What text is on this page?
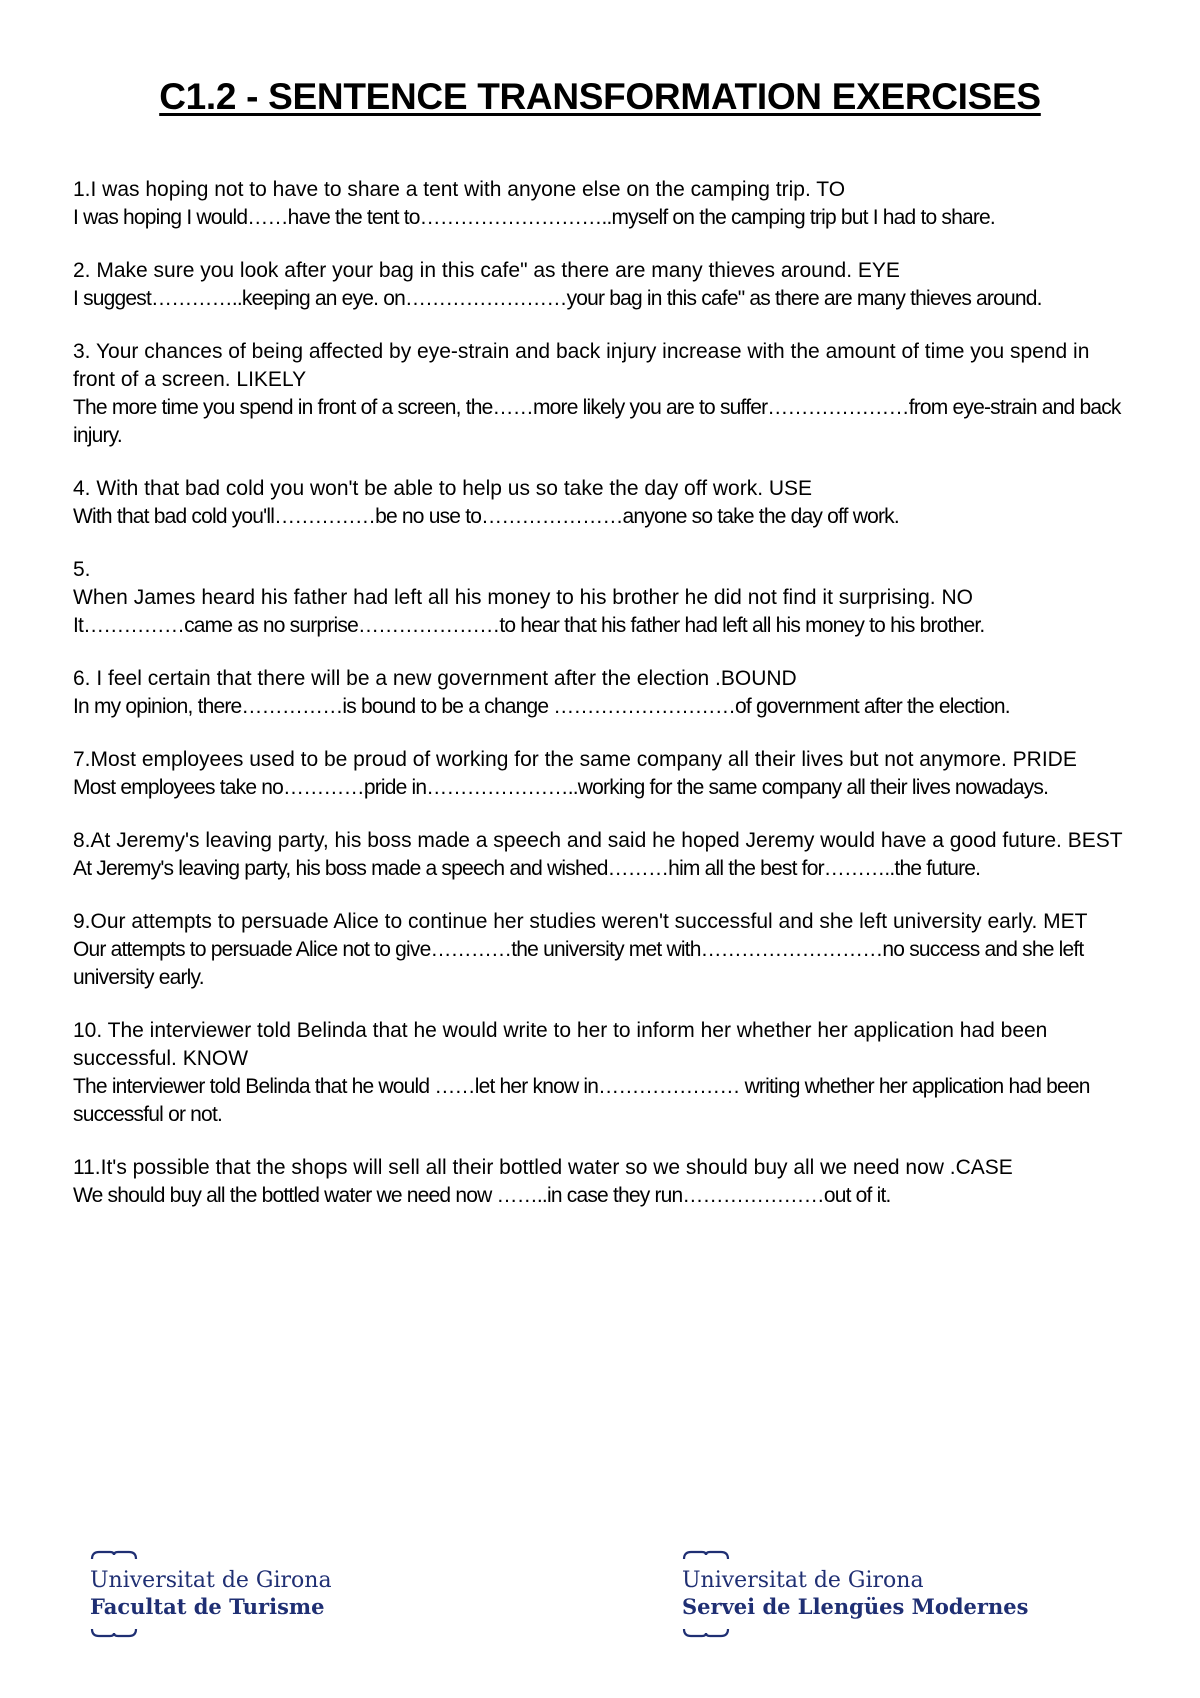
C1.2 - SENTENCE TRANSFORMATION EXERCISES
1.I was hoping not to have to share a tent with anyone else on the camping trip. TO
I was hoping I would……have the tent to………………………..myself on the camping trip but I had to share.
2. Make sure you look after your bag in this cafe" as there are many thieves around. EYE
I suggest…………..keeping an eye. on……………………your bag in this cafe" as there are many thieves around.
3. Your chances of being affected by eye-strain and back injury increase with the amount of time you spend in front of a screen. LIKELY
The more time you spend in front of a screen, the……more likely you are to suffer…………………from eye-strain and back injury.
4. With that bad cold you won't be able to help us so take the day off work. USE
With that bad cold you'll……………be no use to…………………anyone so take the day off work.
5.
When James heard his father had left all his money to his brother he did not find it surprising. NO
It……………came as no surprise…………………to hear that his father had left all his money to his brother.
6. I feel certain that there will be a new government after the election .BOUND
In my opinion, there……………is bound to be a change ………………………of government after the election.
7.Most employees used to be proud of working for the same company all their lives but not anymore. PRIDE
Most employees take no…………pride in…………………..working for the same company all their lives nowadays.
8.At Jeremy's leaving party, his boss made a speech and said he hoped Jeremy would have a good future. BEST
At Jeremy's leaving party, his boss made a speech and wished………him all the best for………..the future.
9.Our attempts to persuade Alice to continue her studies weren't successful and she left university early. MET
Our attempts to persuade Alice not to give…………the university met with………………………no success and she left university early.
10. The interviewer told Belinda that he would write to her to inform her whether her application had been successful. KNOW
The interviewer told Belinda that he would ……let her know in………………… writing whether her application had been successful or not.
11.It's possible that the shops will sell all their bottled water so we should buy all we need now .CASE
We should buy all the bottled water we need now ……..in case they run…………………out of it.
Universitat de Girona
Facultat de Turisme
Universitat de Girona
Servei de Llengües Modernes
